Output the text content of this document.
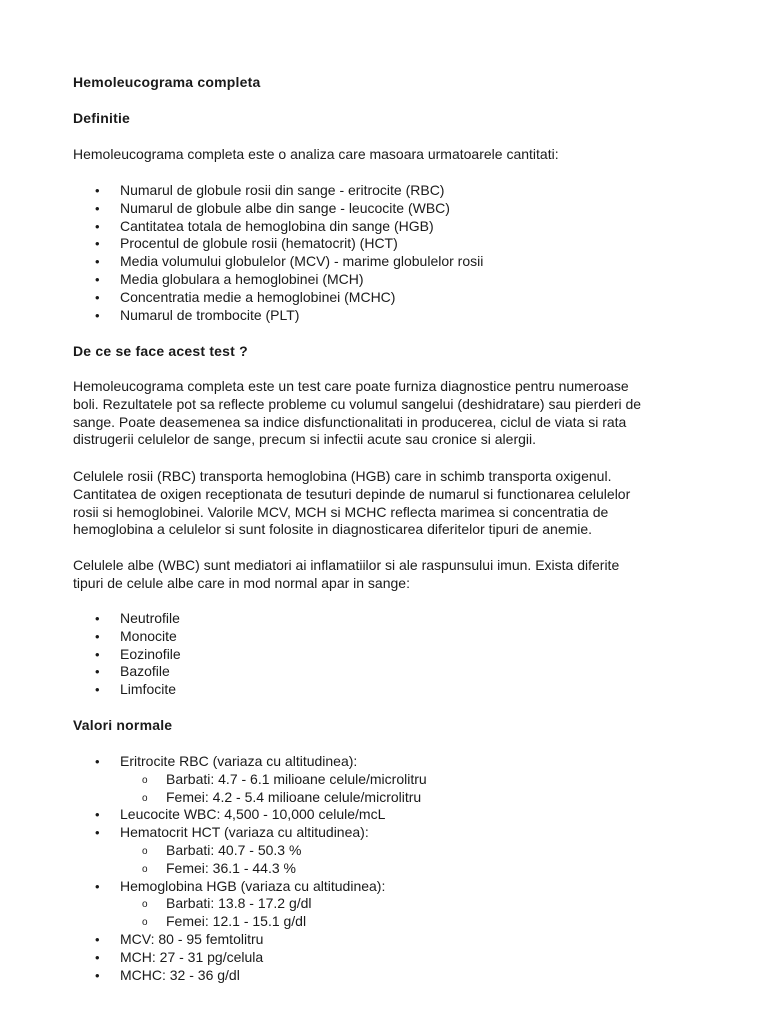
Hemoleucograma completa
Definitie
Hemoleucograma completa este o analiza care masoara urmatoarele cantitati:
• Numarul de globule rosii din sange - eritrocite (RBC)
• Numarul de globule albe din sange - leucocite (WBC)
• Cantitatea totala de hemoglobina din sange (HGB)
• Procentul de globule rosii (hematocrit) (HCT)
• Media volumului globulelor (MCV) - marime globulelor rosii
• Media globulara a hemoglobinei (MCH)
• Concentratia medie a hemoglobinei (MCHC)
• Numarul de trombocite (PLT)
De ce se face acest test ?
Hemoleucograma completa este un test care poate furniza diagnostice pentru numeroase
boli. Rezultatele pot sa reflecte probleme cu volumul sangelui (deshidratare) sau pierderi de
sange. Poate deasemenea sa indice disfunctionalitati in producerea, ciclul de viata si rata
distrugerii celulelor de sange, precum si infectii acute sau cronice si alergii.
Celulele rosii (RBC) transporta hemoglobina (HGB) care in schimb transporta oxigenul.
Cantitatea de oxigen receptionata de tesuturi depinde de numarul si functionarea celulelor
rosii si hemoglobinei. Valorile MCV, MCH si MCHC reflecta marimea si concentratia de
hemoglobina a celulelor si sunt folosite in diagnosticarea diferitelor tipuri de anemie.
Celulele albe (WBC) sunt mediatori ai inflamatiilor si ale raspunsului imun. Exista diferite
tipuri de celule albe care in mod normal apar in sange:
• Neutrofile
• Monocite
• Eozinofile
• Bazofile
• Limfocite
Valori normale
• Eritrocite RBC (variaza cu altitudinea):
o Barbati: 4.7 - 6.1 milioane celule/microlitru
o Femei: 4.2 - 5.4 milioane celule/microlitru
• Leucocite WBC: 4,500 - 10,000 celule/mcL
• Hematocrit HCT (variaza cu altitudinea):
o Barbati: 40.7 - 50.3 %
o Femei: 36.1 - 44.3 %
• Hemoglobina HGB (variaza cu altitudinea):
o Barbati: 13.8 - 17.2 g/dl
o Femei: 12.1 - 15.1 g/dl
• MCV: 80 - 95 femtolitru
• MCH: 27 - 31 pg/celula
• MCHC: 32 - 36 g/dl
